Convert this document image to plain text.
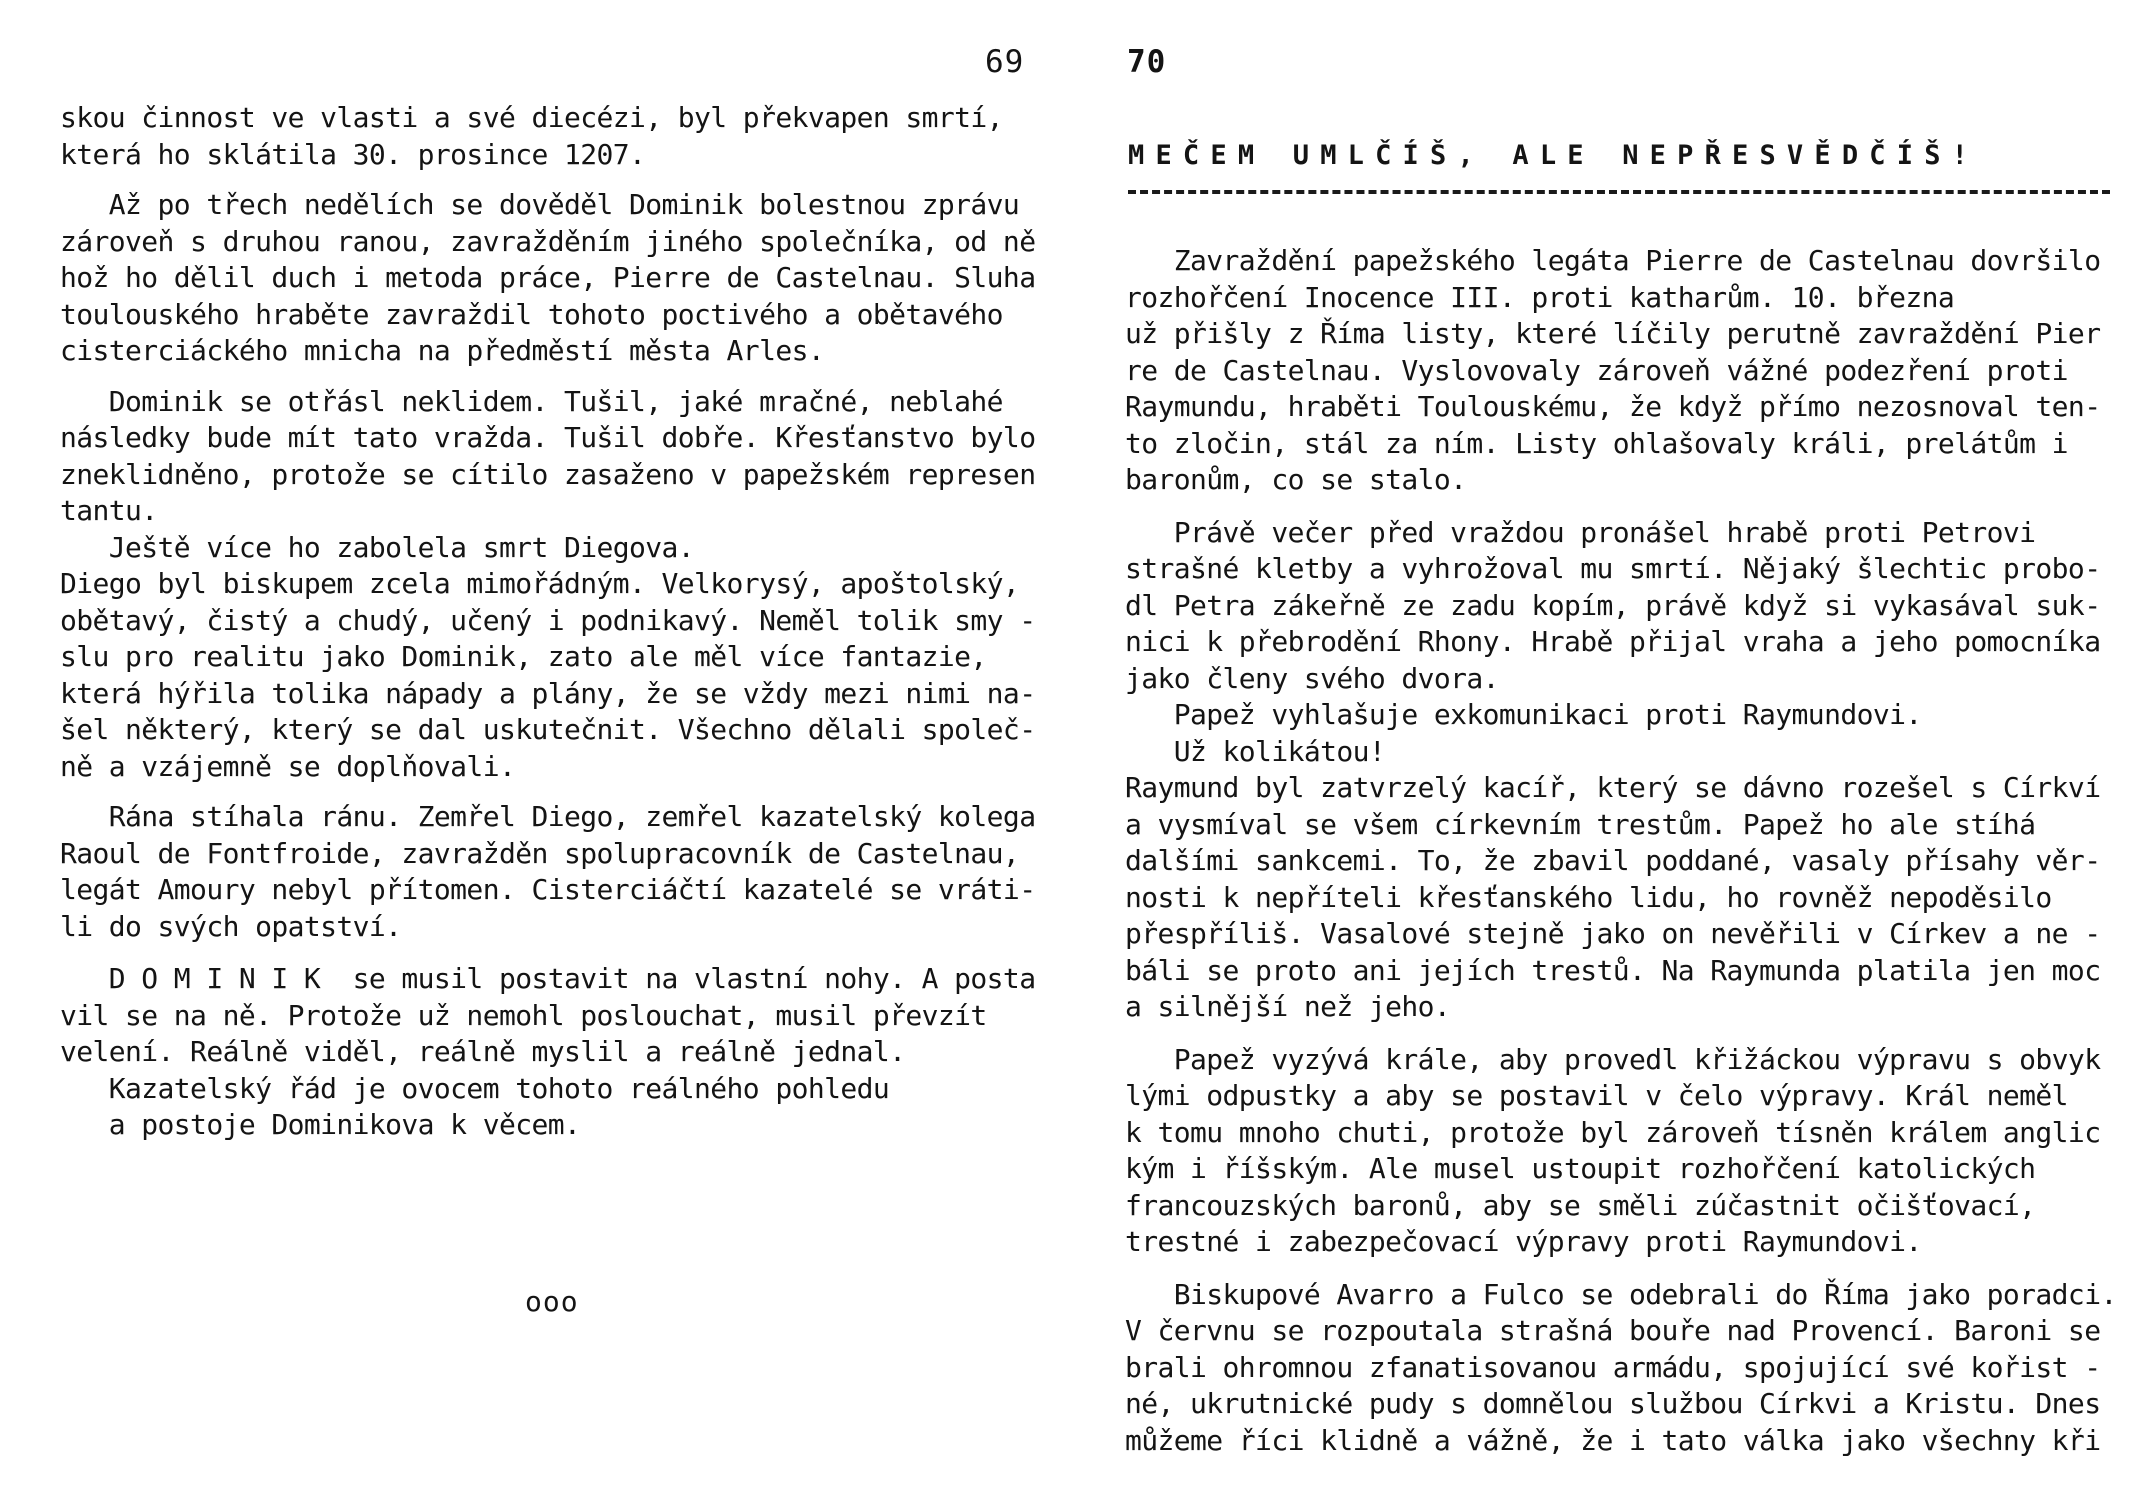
69
skou činnost ve vlasti a své diecézi, byl překvapen smrtí,
která ho sklátila 30. prosince 1207.
Až po třech nedělích se dověděl Dominik bolestnou zprávu
zároveň s druhou ranou, zavražděním jiného společníka, od ně
hož ho dělil duch i metoda práce, Pierre de Castelnau. Sluha
toulouského hraběte zavraždil tohoto poctivého a obětavého
cisterciáckého mnicha na předměstí města Arles.
Dominik se otřásl neklidem. Tušil, jaké mračné, neblahé
následky bude mít tato vražda. Tušil dobře. Křesťanstvo bylo
zneklidněno, protože se cítilo zasaženo v papežském represen
tantu.
Ještě více ho zabolela smrt Diegova.
Diego byl biskupem zcela mimořádným. Velkorysý, apoštolský,
obětavý, čistý a chudý, učený i podnikavý. Neměl tolik smy -
slu pro realitu jako Dominik, zato ale měl více fantazie,
která hýřila tolika nápady a plány, že se vždy mezi nimi na-
šel některý, který se dal uskutečnit. Všechno dělali společ-
ně a vzájemně se doplňovali.
Rána stíhala ránu. Zemřel Diego, zemřel kazatelský kolega
Raoul de Fontfroide, zavražděn spolupracovník de Castelnau,
legát Amoury nebyl přítomen. Cisterciáčtí kazatelé se vráti-
li do svých opatství.
D O M I N I K  se musil postavit na vlastní nohy. A posta
vil se na ně. Protože už nemohl poslouchat, musil převzít
velení. Reálně viděl, reálně myslil a reálně jednal.
Kazatelský řád je ovocem tohoto reálného pohledu
a postoje Dominikova k věcem.
ooo
70
MEČEM UMLČÍŠ, ALE NEPŘESVĚDČÍŠ!
Zavraždění papežského legáta Pierre de Castelnau dovršilo
rozhořčení Inocence III. proti katharům. 10. března
už přišly z Říma listy, které líčily perutně zavraždění Pier
re de Castelnau. Vyslovovaly zároveň vážné podezření proti
Raymundu, hraběti Toulouskému, že když přímo nezosnoval ten-
to zločin, stál za ním. Listy ohlašovaly králi, prelátům i
baronům, co se stalo.
Právě večer před vraždou pronášel hrabě proti Petrovi
strašné kletby a vyhrožoval mu smrtí. Nějaký šlechtic probo-
dl Petra zákeřně ze zadu kopím, právě když si vykasával suk-
nici k přebrodění Rhony. Hrabě přijal vraha a jeho pomocníka
jako členy svého dvora.
Papež vyhlašuje exkomunikaci proti Raymundovi.
Už kolikátou!
Raymund byl zatvrzelý kacíř, který se dávno rozešel s Církví
a vysmíval se všem církevním trestům. Papež ho ale stíhá
dalšími sankcemi. To, že zbavil poddané, vasaly přísahy věr-
nosti k nepříteli křesťanského lidu, ho rovněž nepoděsilo
přespříliš. Vasalové stejně jako on nevěřili v Církev a ne -
báli se proto ani jejích trestů. Na Raymunda platila jen moc
a silnější než jeho.
Papež vyzývá krále, aby provedl křižáckou výpravu s obvyk
lými odpustky a aby se postavil v čelo výpravy. Král neměl
k tomu mnoho chuti, protože byl zároveň tísněn králem anglic
kým i říšským. Ale musel ustoupit rozhořčení katolických
francouzských baronů, aby se směli zúčastnit očišťovací,
trestné i zabezpečovací výpravy proti Raymundovi.
Biskupové Avarro a Fulco se odebrali do Říma jako poradci.
V červnu se rozpoutala strašná bouře nad Provencí. Baroni se
brali ohromnou zfanatisovanou armádu, spojující své kořist -
né, ukrutnické pudy s domnělou službou Církvi a Kristu. Dnes
můžeme říci klidně a vážně, že i tato válka jako všechny kři
